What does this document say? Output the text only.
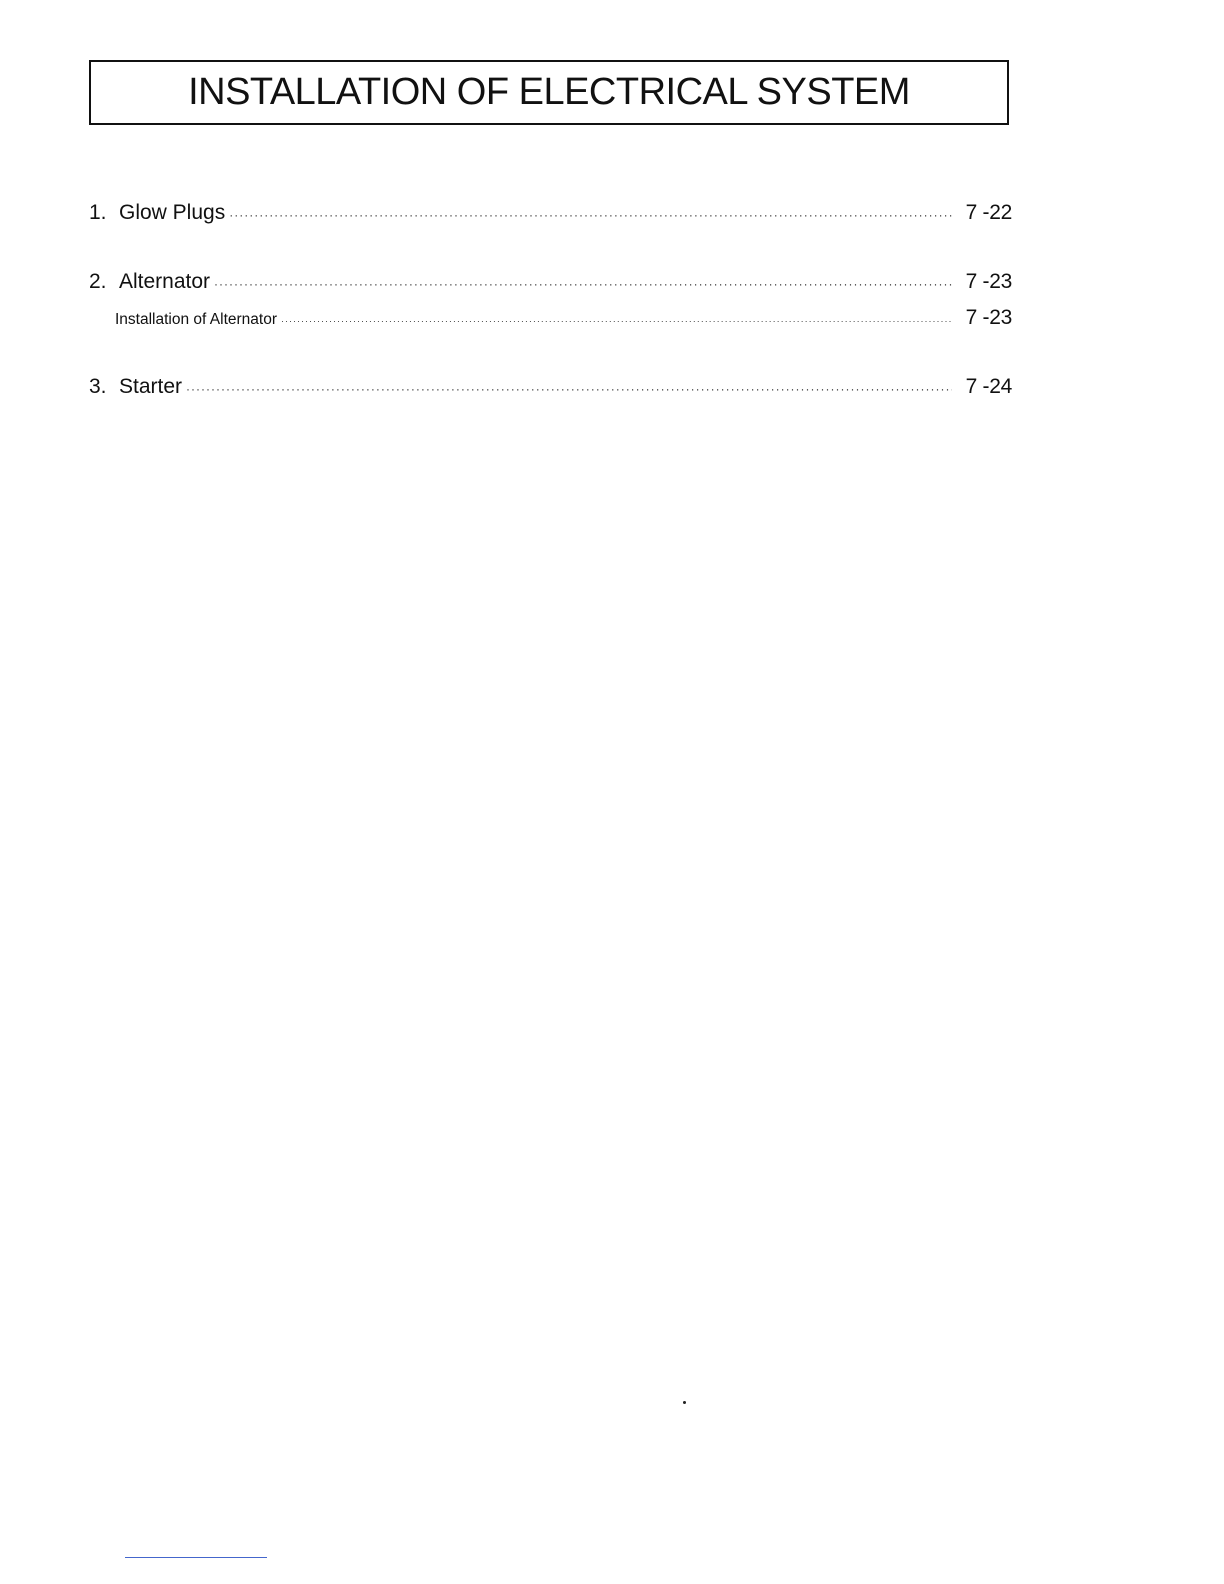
INSTALLATION OF ELECTRICAL SYSTEM
1. Glow Plugs ·····	7 -22
2. Alternator ·····	7 -23
Installation of Alternator ·····	7 -23
3. Starter ·····	7 -24
